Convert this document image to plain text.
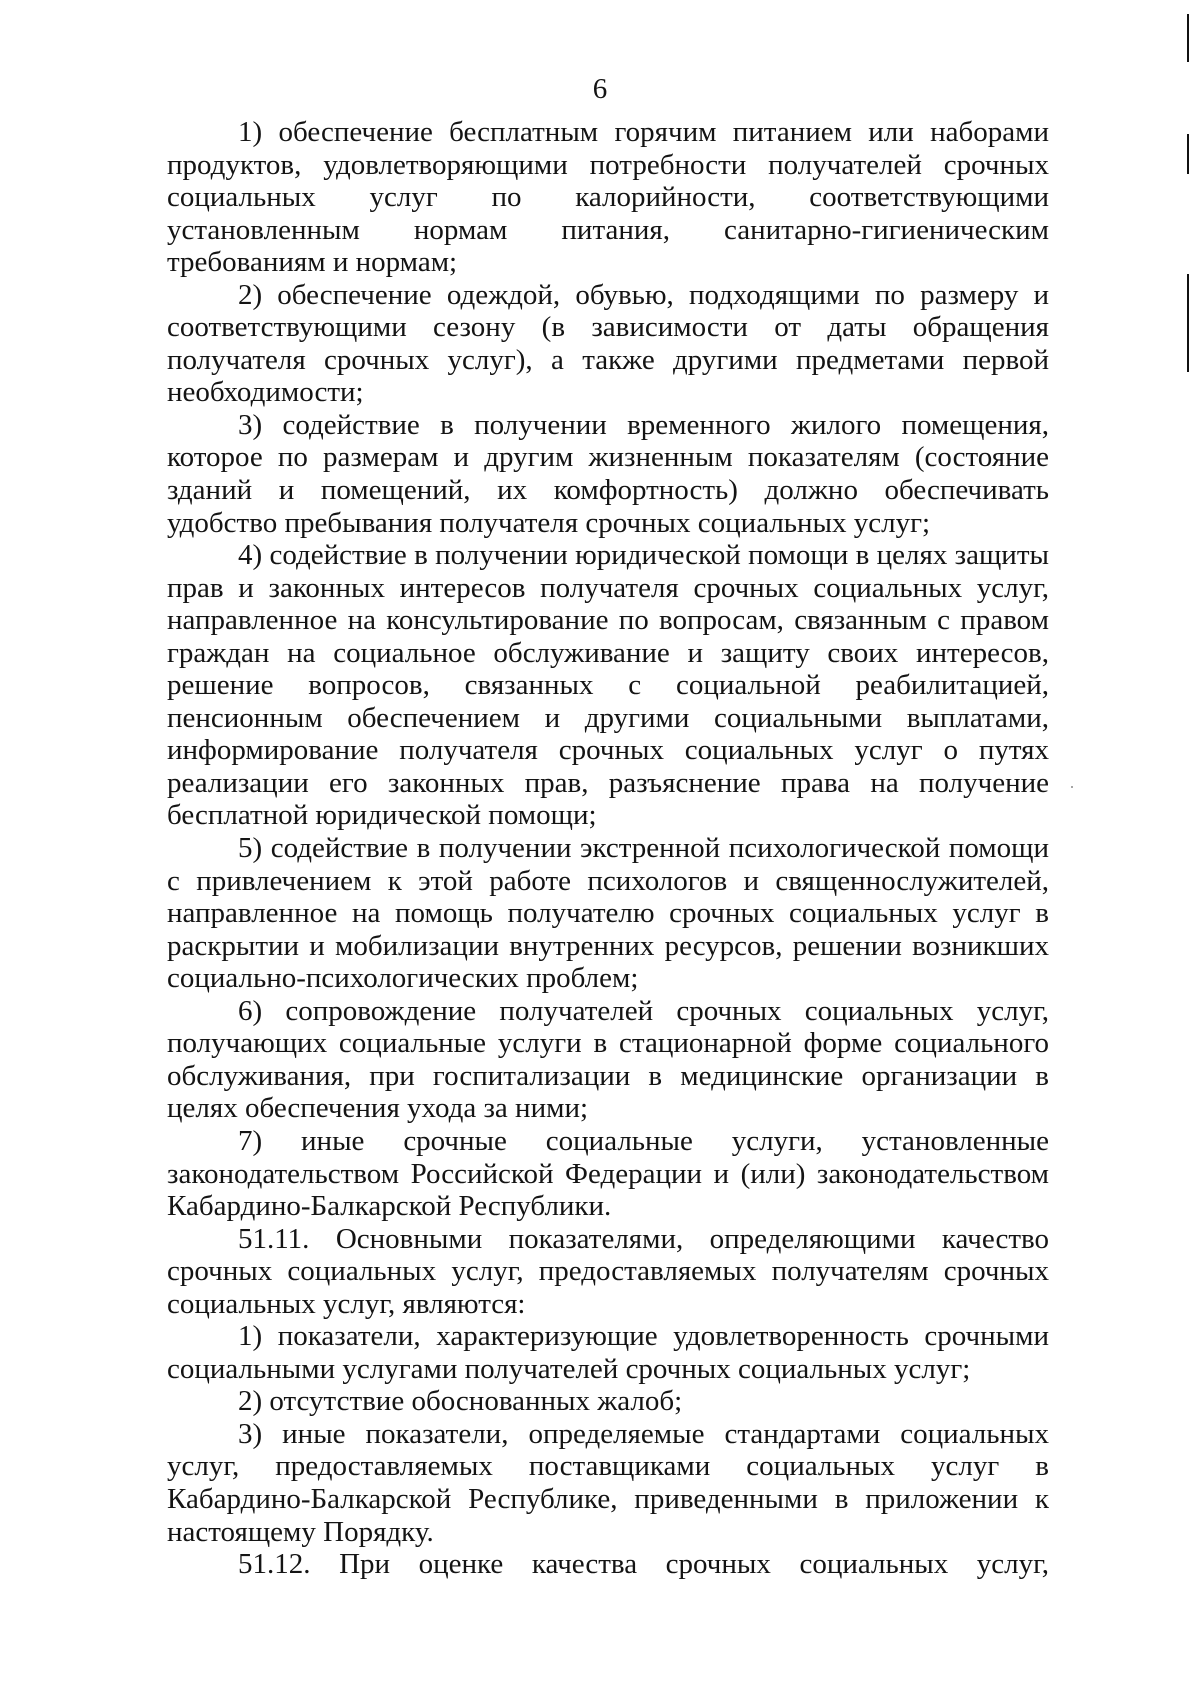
6

1) обеспечение бесплатным горячим питанием или наборами продуктов, удовлетворяющими потребности получателей срочных социальных услуг по калорийности, соответствующими установленным нормам питания, санитарно-гигиеническим требованиям и нормам;

2) обеспечение одеждой, обувью, подходящими по размеру и соответствующими сезону (в зависимости от даты обращения получателя срочных услуг), а также другими предметами первой необходимости;

3) содействие в получении временного жилого помещения, которое по размерам и другим жизненным показателям (состояние зданий и помещений, их комфортность) должно обеспечивать удобство пребывания получателя срочных социальных услуг;

4) содействие в получении юридической помощи в целях защиты прав и законных интересов получателя срочных социальных услуг, направленное на консультирование по вопросам, связанным с правом граждан на социальное обслуживание и защиту своих интересов, решение вопросов, связанных с социальной реабилитацией, пенсионным обеспечением и другими социальными выплатами, информирование получателя срочных социальных услуг о путях реализации его законных прав, разъяснение права на получение бесплатной юридической помощи;

5) содействие в получении экстренной психологической помощи с привлечением к этой работе психологов и священнослужителей, направленное на помощь получателю срочных социальных услуг в раскрытии и мобилизации внутренних ресурсов, решении возникших социально-психологических проблем;

6) сопровождение получателей срочных социальных услуг, получающих социальные услуги в стационарной форме социального обслуживания, при госпитализации в медицинские организации в целях обеспечения ухода за ними;

7) иные срочные социальные услуги, установленные законодательством Российской Федерации и (или) законодательством Кабардино-Балкарской Республики.

51.11. Основными показателями, определяющими качество срочных социальных услуг, предоставляемых получателям срочных социальных услуг, являются:

1) показатели, характеризующие удовлетворенность срочными социальными услугами получателей срочных социальных услуг;

2) отсутствие обоснованных жалоб;

3) иные показатели, определяемые стандартами социальных услуг, предоставляемых поставщиками социальных услуг в Кабардино-Балкарской Республике, приведенными в приложении к настоящему Порядку.

51.12. При оценке качества срочных социальных услуг,
